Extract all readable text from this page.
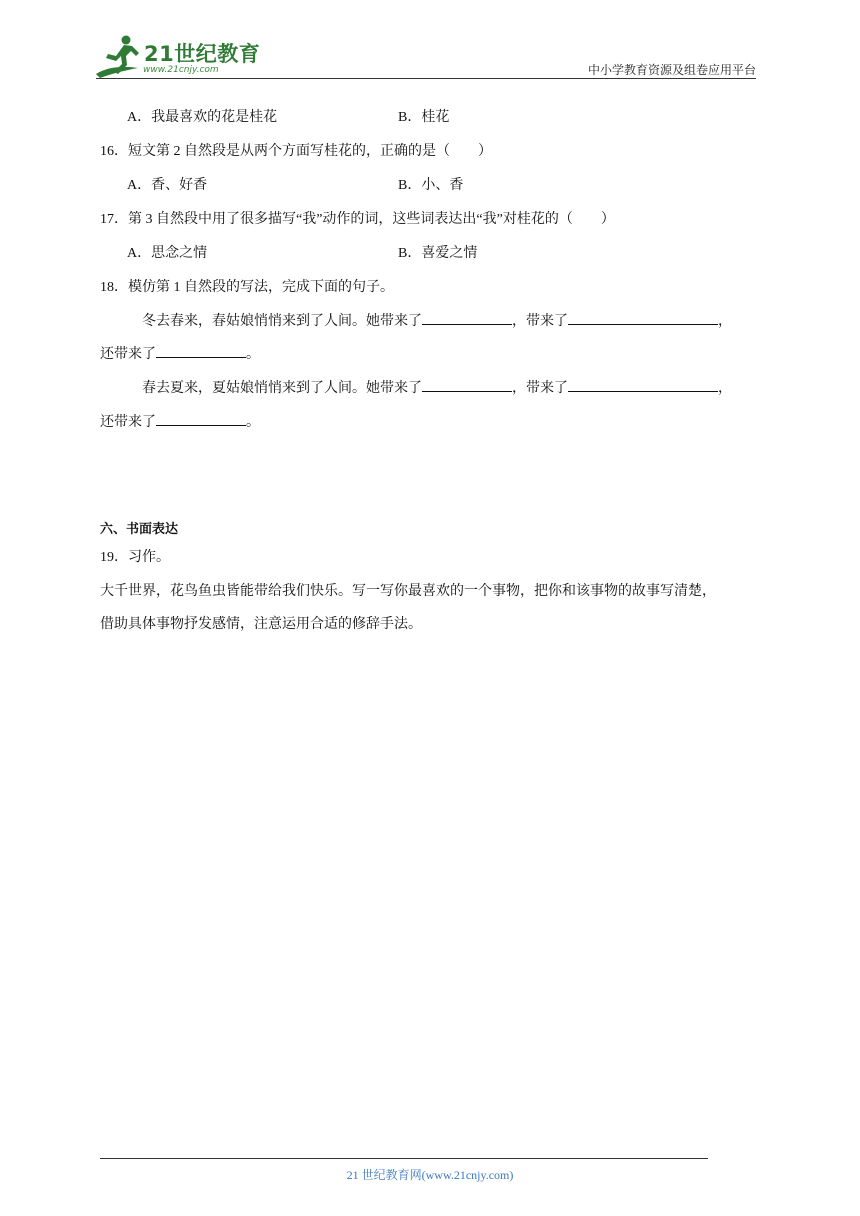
21世纪教育
www.21cnjy.com	中小学教育资源及组卷应用平台
A．我最喜欢的花是桂花	B．桂花
16．短文第 2 自然段是从两个方面写桂花的，正确的是（　　）
A．香、好香	B．小、香
17．第 3 自然段中用了很多描写“我”动作的词，这些词表达出“我”对桂花的（　　）
A．思念之情	B．喜爱之情
18．模仿第 1 自然段的写法，完成下面的句子。
冬去春来，春姑娘悄悄来到了人间。她带来了	，带来了	，
还带来了	。
春去夏来，夏姑娘悄悄来到了人间。她带来了	，带来了	，
还带来了	。
六、书面表达
19．习作。
大千世界，花鸟鱼虫皆能带给我们快乐。写一写你最喜欢的一个事物，把你和该事物的故事写清楚，
借助具体事物抒发感情，注意运用合适的修辞手法。
21 世纪教育网(www.21cnjy.com)
